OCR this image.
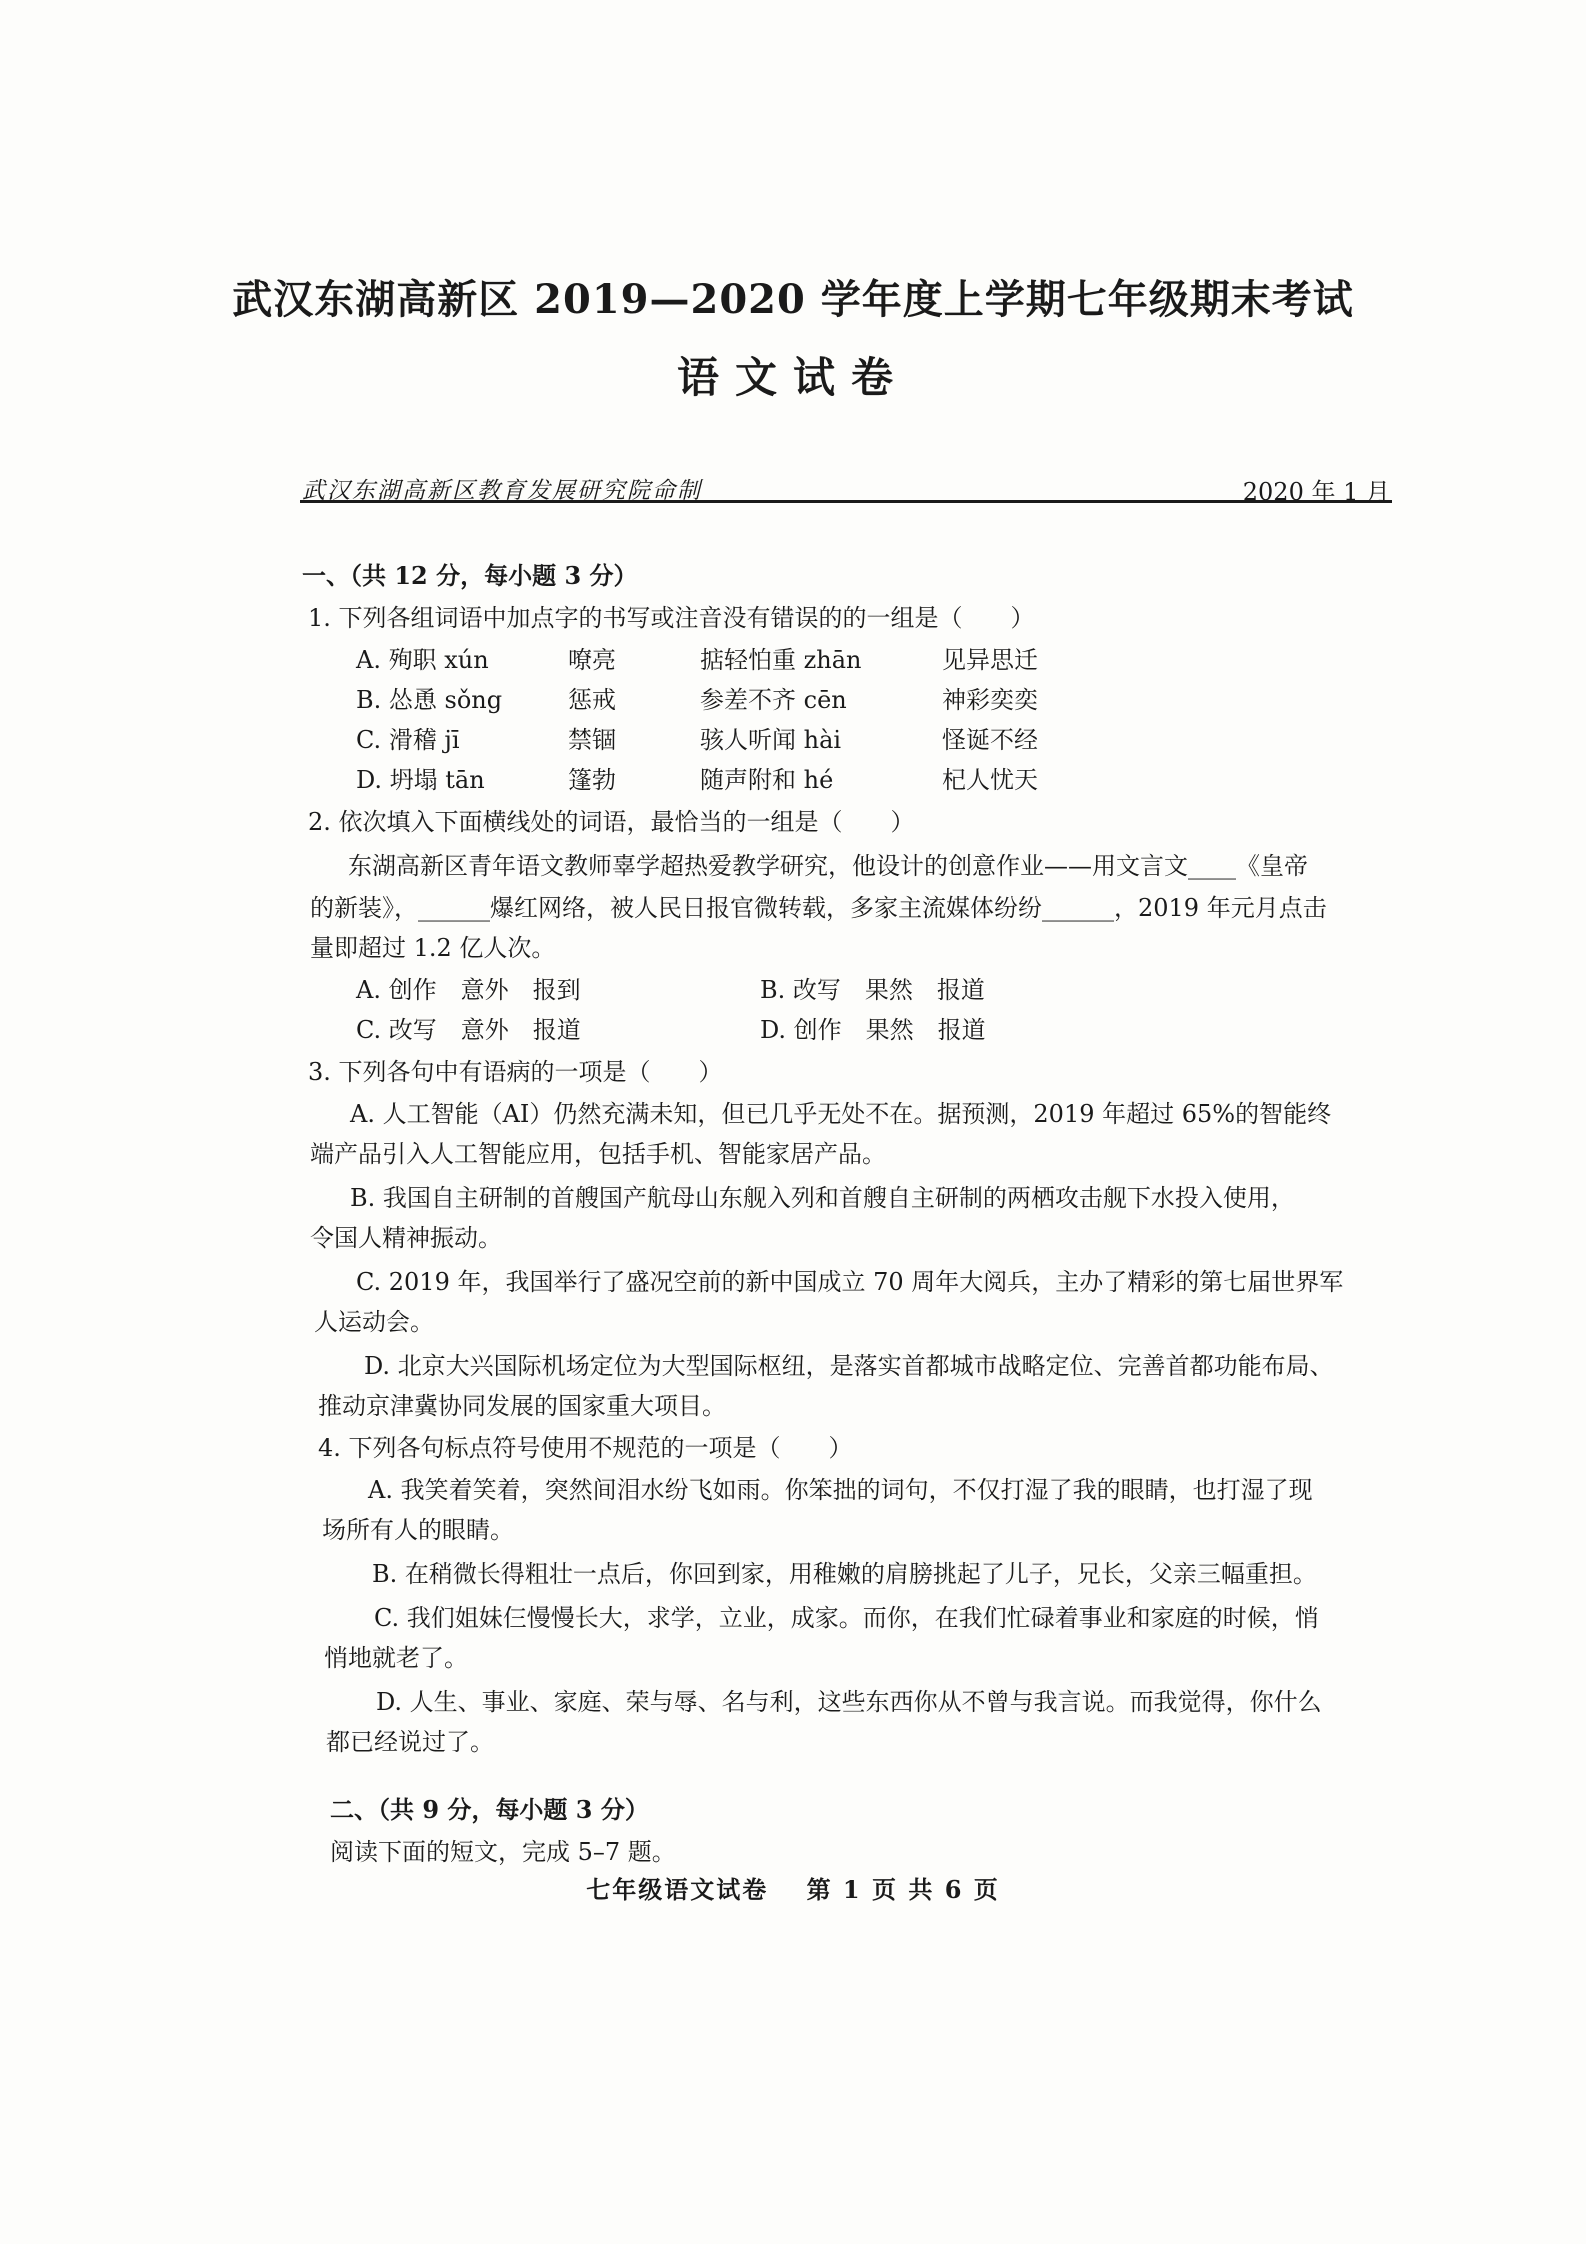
武汉东湖高新区 2019—2020 学年度上学期七年级期末考试
语文试卷
武汉东湖高新区教育发展研究院命制	2020 年 1 月
一、（共 12 分，每小题 3 分）
1. 下列各组词语中加点字的书写或注音没有错误的的一组是（　　）
A. 殉职 xún	嘹亮	掂轻怕重 zhān	见异思迁
B. 怂恿 sǒng	惩戒	参差不齐 cēn	神彩奕奕
C. 滑稽 jī	禁锢	骇人听闻 hài	怪诞不经
D. 坍塌 tān	篷勃	随声附和 hé	杞人忧天
2. 依次填入下面横线处的词语，最恰当的一组是（　　）
东湖高新区青年语文教师辜学超热爱教学研究，他设计的创意作业——用文言文____《皇帝
的新装》，______爆红网络，被人民日报官微转载，多家主流媒体纷纷______，2019 年元月点击
量即超过 1.2 亿人次。
A. 创作　意外　报到	B. 改写　果然　报道
C. 改写　意外　报道	D. 创作　果然　报道
3. 下列各句中有语病的一项是（　　）
A. 人工智能（AI）仍然充满未知，但已几乎无处不在。据预测，2019 年超过 65%的智能终
端产品引入人工智能应用，包括手机、智能家居产品。
B. 我国自主研制的首艘国产航母山东舰入列和首艘自主研制的两栖攻击舰下水投入使用，
令国人精神振动。
C. 2019 年，我国举行了盛况空前的新中国成立 70 周年大阅兵，主办了精彩的第七届世界军
人运动会。
D. 北京大兴国际机场定位为大型国际枢纽，是落实首都城市战略定位、完善首都功能布局、
推动京津冀协同发展的国家重大项目。
4. 下列各句标点符号使用不规范的一项是（　　）
A. 我笑着笑着，突然间泪水纷飞如雨。你笨拙的词句，不仅打湿了我的眼睛，也打湿了现
场所有人的眼睛。
B. 在稍微长得粗壮一点后，你回到家，用稚嫩的肩膀挑起了儿子，兄长，父亲三幅重担。
C. 我们姐妹仨慢慢长大，求学，立业，成家。而你，在我们忙碌着事业和家庭的时候，悄
悄地就老了。
D. 人生、事业、家庭、荣与辱、名与利，这些东西你从不曾与我言说。而我觉得，你什么
都已经说过了。
二、（共 9 分，每小题 3 分）
阅读下面的短文，完成 5–7 题。
七年级语文试卷 第 1 页 共 6 页
